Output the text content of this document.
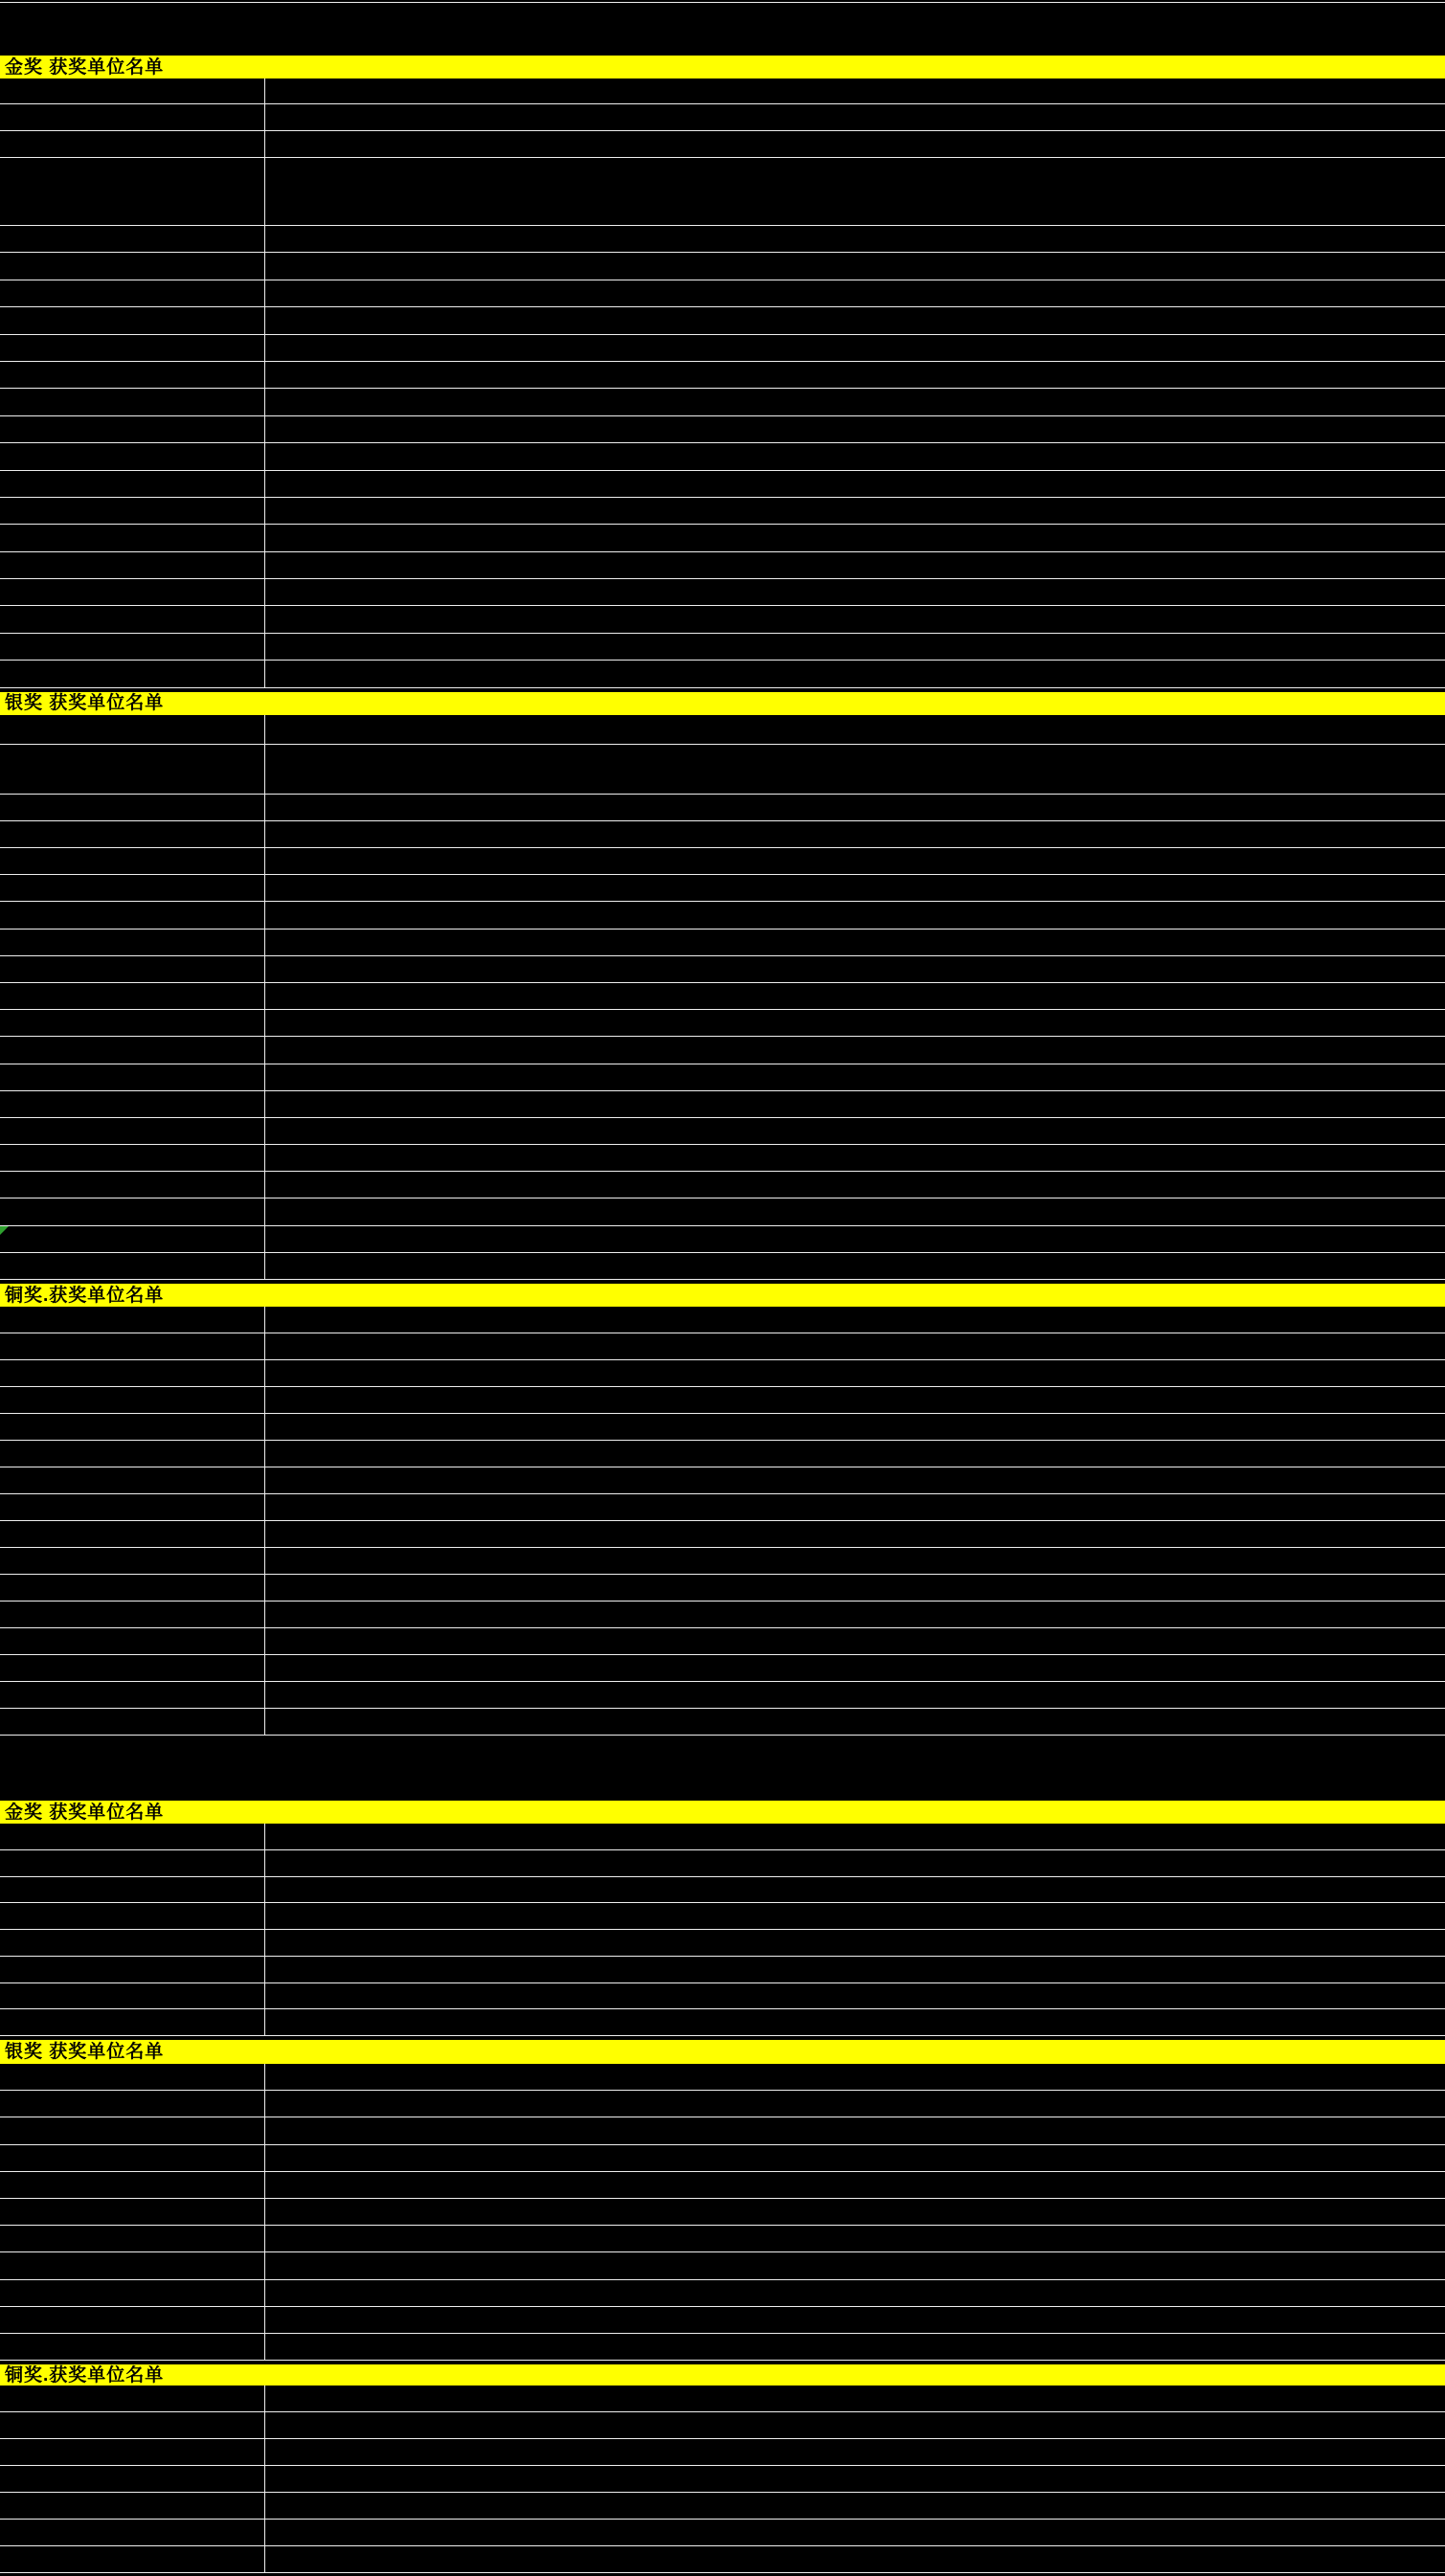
金奖 获奖单位名单
银奖 获奖单位名单
铜奖.获奖单位名单
金奖 获奖单位名单
银奖 获奖单位名单
铜奖.获奖单位名单
